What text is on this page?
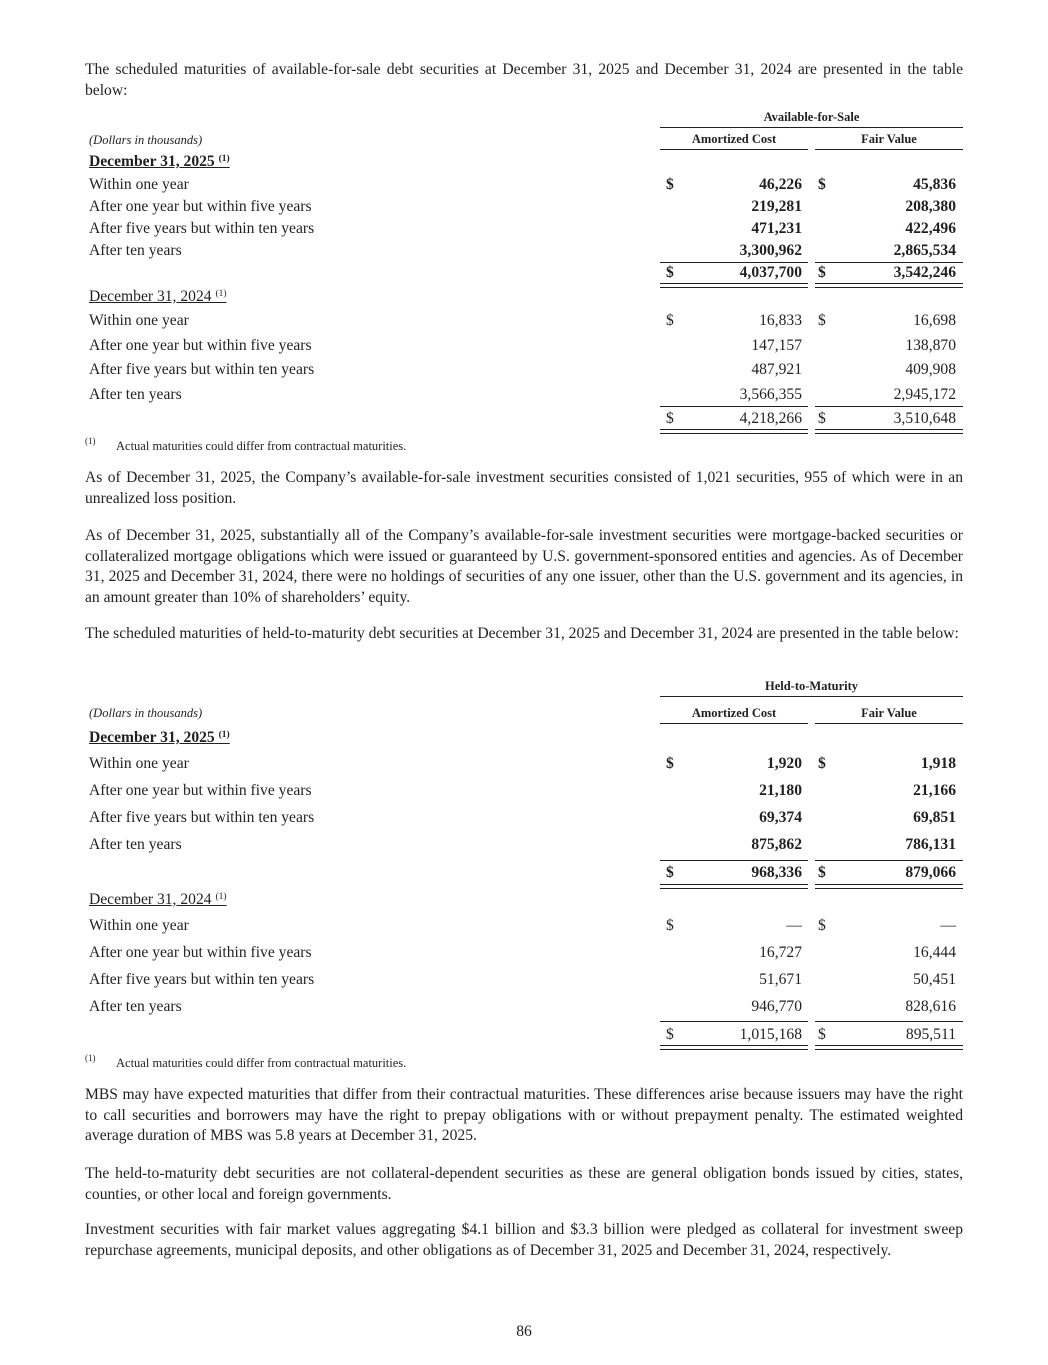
The scheduled maturities of available-for-sale debt securities at December 31, 2025 and December 31, 2024 are presented in the table below:

Available-for-Sale
(Dollars in thousands)	Amortized Cost	Fair Value
December 31, 2025 $^{(1)}$
Within one year	$	46,226 $	45,836
After one year but within five years	219,281	208,380
After five years but within ten years	471,231	422,496
After ten years	3,300,962	2,865,534
$	4,037,700 $	3,542,246
December 31, 2024 $^{(1)}$
Within one year	$	16,833 $	16,698
After one year but within five years	147,157	138,870
After five years but within ten years	487,921	409,908
After ten years	3,566,355	2,945,172
$	4,218,266 $	3,510,648
(1) Actual maturities could differ from contractual maturities.

As of December 31, 2025, the Company’s available-for-sale investment securities consisted of 1,021 securities, 955 of which were in an unrealized loss position.

As of December 31, 2025, substantially all of the Company’s available-for-sale investment securities were mortgage-backed securities or collateralized mortgage obligations which were issued or guaranteed by U.S. government-sponsored entities and agencies. As of December 31, 2025 and December 31, 2024, there were no holdings of securities of any one issuer, other than the U.S. government and its agencies, in an amount greater than 10% of shareholders’ equity.

The scheduled maturities of held-to-maturity debt securities at December 31, 2025 and December 31, 2024 are presented in the table below:

Held-to-Maturity
(Dollars in thousands)	Amortized Cost	Fair Value
December 31, 2025 $^{(1)}$
Within one year	$	1,920 $	1,918
After one year but within five years	21,180	21,166
After five years but within ten years	69,374	69,851
After ten years	875,862	786,131
$	968,336 $	879,066
December 31, 2024 $^{(1)}$
Within one year	$	— $	—
After one year but within five years	16,727	16,444
After five years but within ten years	51,671	50,451
After ten years	946,770	828,616
$	1,015,168 $	895,511
(1) Actual maturities could differ from contractual maturities.

MBS may have expected maturities that differ from their contractual maturities. These differences arise because issuers may have the right to call securities and borrowers may have the right to prepay obligations with or without prepayment penalty. The estimated weighted average duration of MBS was 5.8 years at December 31, 2025.

The held-to-maturity debt securities are not collateral-dependent securities as these are general obligation bonds issued by cities, states, counties, or other local and foreign governments.

Investment securities with fair market values aggregating $4.1 billion and $3.3 billion were pledged as collateral for investment sweep repurchase agreements, municipal deposits, and other obligations as of December 31, 2025 and December 31, 2024, respectively.

86
